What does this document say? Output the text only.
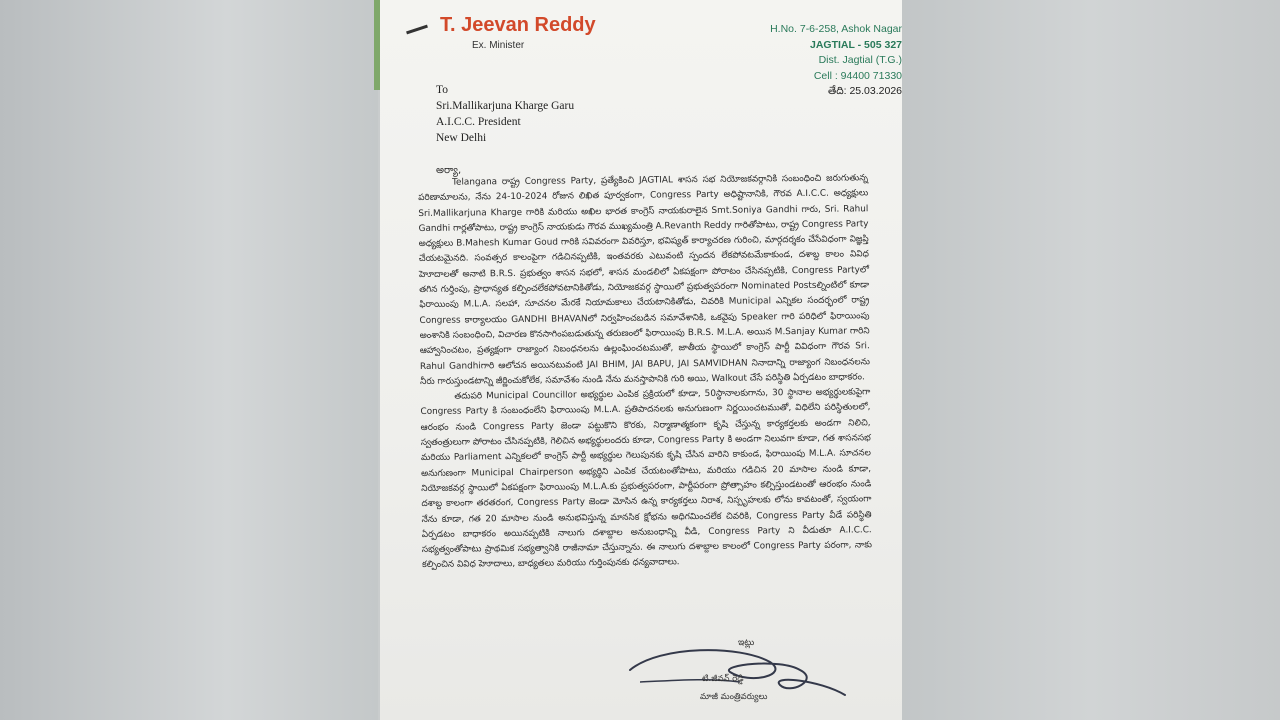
T. Jeevan Reddy
Ex. Minister
H.No. 7-6-258, Ashok Nagar
JAGTIAL - 505 327
Dist. Jagtial (T.G.)
Cell : 94400 71330
తేది: 25.03.2026
To
Sri.Mallikarjuna Kharge Garu
A.I.C.C. President
New Delhi
అర్యా,

Telangana రాష్ట్ర Congress Party, ప్రత్యేకించి JAGTIAL శాసన సభ నియోజకవర్గానికి సంబంధించి జరుగుతున్న పరిణామాలను, నేను 24-10-2024 రోజున లిఖిత పూర్వకంగా, Congress Party అధిష్టానానికి, గౌరవ A.I.C.C. అధ్యక్షులు Sri.Mallikarjuna Kharge గారికి మరియు అఖిల భారత కాంగ్రెస్ నాయకురాలైన Smt.Soniya Gandhi గారు, Sri. Rahul Gandhi గార్లతోపాటు, రాష్ట్ర కాంగ్రెస్ నాయకుడు గౌరవ ముఖ్యమంత్రి A.Revanth Reddy గారితోపాటు, రాష్ట్ర Congress Party అధ్యక్షులు B.Mahesh Kumar Goud గారికి సవివరంగా వివరిస్తూ, భవిష్యత్ కార్యాచరణ గురించి, మార్గదర్శకం చేసేవిధంగా విజ్ఞప్తి చేయటమైనది. సంవత్సర కాలంపైగా గడిచినప్పటికి, ఇంతవరకు ఎటువంటి స్పందన లేకపోవటమేకాకుండ, దశాబ్ద కాలం వివిధ హెూదాలతో అనాటి B.R.S. ప్రభుత్వం శాసన సభలో, శాసన మండలిలో ఏకపక్షంగా పోరాటం చేసినప్పటికి, Congress Partyలో తగిన గుర్తింపు, ప్రాధాన్యత కల్పించలేకపోవటానికితోడు, నియోజకవర్గ స్థాయిలో ప్రభుత్వపరంగా Nominated Postsల్నింటిలో కూడా ఫిరాయింపు M.L.A. సలహా, సూచనల మేరకే నియామకాలు చేయటానికితోడు, చివరికి Municipal ఎన్నికల సందర్భంలో రాష్ట్ర Congress కార్యాలయం GANDHI BHAVANలో నిర్వహించబడిన సమావేశానికి, ఒకవైపు Speaker గారి పరిధిలో ఫిరాయింపు అంశానికి సంబంధించి, విచారణ కొనసాగింపబడుతున్న తరుణంలో ఫిరాయింపు B.R.S. M.L.A. అయిన M.Sanjay Kumar గారిని ఆహ్వానించటం, ప్రత్యక్షంగా రాజ్యాంగ నిబంధనలను ఉల్లంఘించటముతో, జాతీయ స్థాయిలో కాంగ్రెస్ పార్టీ వివిధంగా గౌరవ Sri. Rahul Gandhiగారి ఆలోచన అయినటువంటి JAI BHIM, JAI BAPU, JAI SAMVIDHAN నినాదాన్ని రాజ్యాంగ నిబంధనలను నీరు గారుస్తుండటాన్ని జీర్ణించుకోలేక, సమావేశం నుండి నేను మనస్తాపానికి గురి అయి, Walkout చేసే పరిస్థితి ఏర్పడటం బాధాకరం.

తదుపరి Municipal Councillor అభ్యర్థుల ఎంపిక ప్రక్రియలో కూడా, 50స్థానాలకుగాను, 30 స్థానాల అభ్యర్థులకుపైగా Congress Party కి సంబంధంలేని ఫిరాయింపు M.L.A. ప్రతిపాదనలకు అనుగుణంగా నిర్ణయించటముతో, విధిలేని పరిస్థితులలో, ఆరంభం నుండి Congress Party జెండా పట్టుకొని కొరకు, నిర్మాణాత్మకంగా కృషి చేస్తున్న కార్యకర్తలకు అండగా నిలిచి, స్వతంత్రులుగా పోరాటం చేసినప్పటికి, గెలిచిన అభ్యర్థులందరు కూడా, Congress Party కి అండగా నిలువగా కూడా, గత శాసనసభ మరియు Parliament ఎన్నికలలో కాంగ్రెస్ పార్టీ అభ్యర్థుల గెలుపునకు కృషి చేసిన వారిని కాకుండ, ఫిరాయింపు M.L.A. సూచనల అనుగుణంగా Municipal Chairperson అభ్యర్థిని ఎంపిక చేయటంతోపాటు, మరియు గడిచిన 20 మాసాల నుండి కూడా, నియోజకవర్గ స్థాయిలో ఏకపక్షంగా ఫిరాయింపు M.L.A.కు ప్రభుత్వపరంగా, పార్టీపరంగా ప్రోత్సాహం కల్పిస్తుండటంతో ఆరంభం నుండి దశాబ్ద కాలంగా తరతరంగ, Congress Party జెండా మోసిన ఉన్న కార్యకర్తలు నిరాశ, నిస్పృహలకు లోను కావటంతో, స్వయంగా నేను కూడా, గత 20 మాసాల నుండి అనుభవిస్తున్న మానసిక క్షోభను అధిగమించలేక చివరికి, Congress Party వీడే పరిస్థితి ఏర్పడటం బాధాకరం అయినప్పటికి నాలుగు దశాబ్దాల అనుబంధాన్ని వీడి, Congress Party ని వీడుతూ A.I.C.C. సభ్యత్వంతోపాటు ప్రాథమిక సభ్యత్వానికి రాజీనామా చేస్తున్నాను. ఈ నాలుగు దశాబ్దాల కాలంలో Congress Party పరంగా, నాకు కల్పించిన వివిధ హెూదాలు, బాధ్యతలు మరియు గుర్తింపునకు ధన్యవాదాలు.

ఇట్లు
టి.జీవన్ రెడ్డి
మాజీ మంత్రివర్యులు
